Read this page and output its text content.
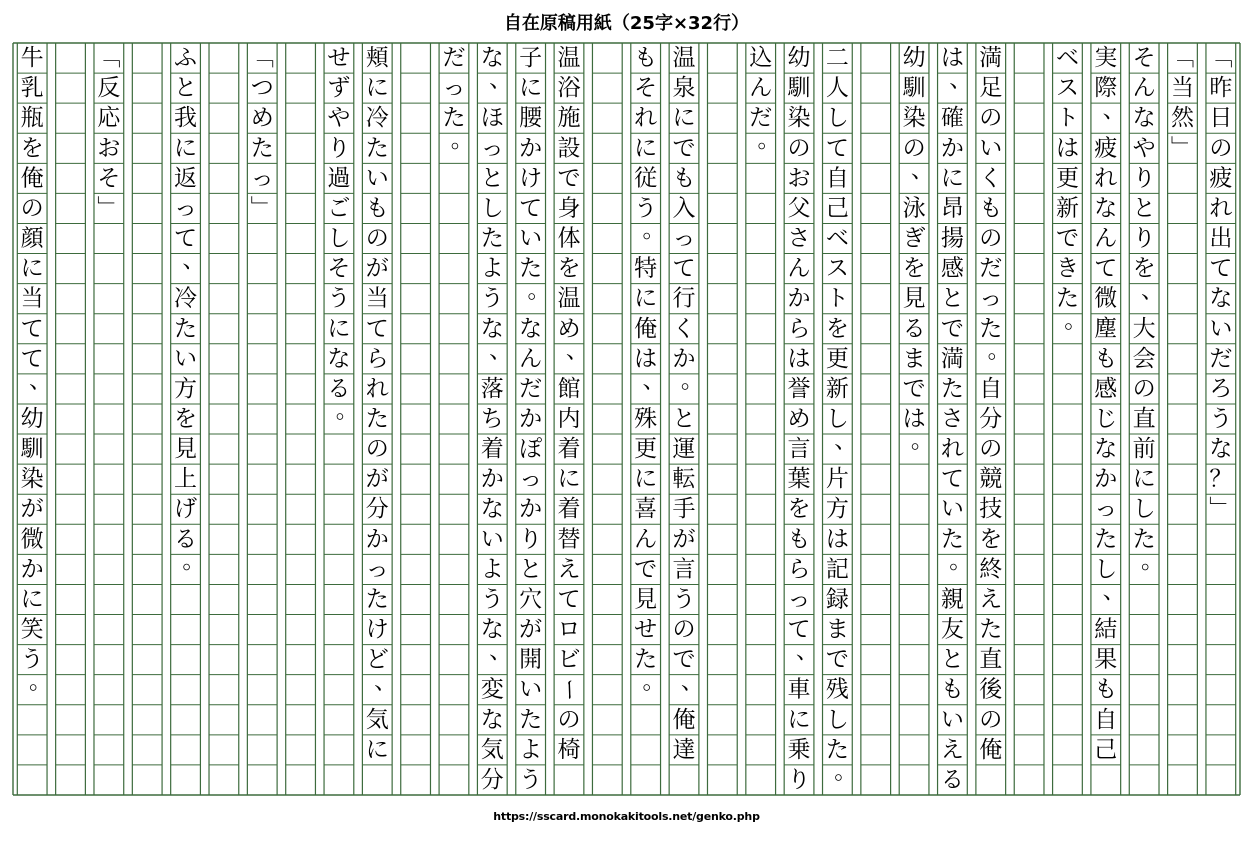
自在原稿用紙（25字×32行）
﹁
昨
日
の
疲
れ
出
て
な
い
だ
ろ
う
な
？
﹂
﹁
当
然
﹂
そ
ん
な
や
り
と
り
を
、
大
会
の
直
前
に
し
た
。
実
際
、
疲
れ
な
ん
て
微
塵
も
感
じ
な
か
っ
た
し
、
結
果
も
自
己
ベ
ス
ト
は
更
新
で
き
た
。
満
足
の
い
く
も
の
だ
っ
た
。
自
分
の
競
技
を
終
え
た
直
後
の
俺
は
、
確
か
に
昂
揚
感
と
で
満
た
さ
れ
て
い
た
。
親
友
と
も
い
え
る
幼
馴
染
の
、
泳
ぎ
を
見
る
ま
で
は
。
二
人
し
て
自
己
ベ
ス
ト
を
更
新
し
、
片
方
は
記
録
ま
で
残
し
た
。
幼
馴
染
の
お
父
さ
ん
か
ら
は
誉
め
言
葉
を
も
ら
っ
て
、
車
に
乗
り
込
ん
だ
。
温
泉
に
で
も
入
っ
て
行
く
か
。
と
運
転
手
が
言
う
の
で
、
俺
達
も
そ
れ
に
従
う
。
特
に
俺
は
、
殊
更
に
喜
ん
で
見
せ
た
。
温
浴
施
設
で
身
体
を
温
め
、
館
内
着
に
着
替
え
て
ロ
ビ
ー
の
椅
子
に
腰
か
け
て
い
た
。
な
ん
だ
か
ぽ
っ
か
り
と
穴
が
開
い
た
よ
う
な
、
ほ
っ
と
し
た
よ
う
な
、
落
ち
着
か
な
い
よ
う
な
、
変
な
気
分
だ
っ
た
。
頬
に
冷
た
い
も
の
が
当
て
ら
れ
た
の
が
分
か
っ
た
け
ど
、
気
に
せ
ず
や
り
過
ご
し
そ
う
に
な
る
。
﹁
つ
め
た
っ
﹂
ふ
と
我
に
返
っ
て
、
冷
た
い
方
を
見
上
げ
る
。
﹁
反
応
お
そ
﹂
牛
乳
瓶
を
俺
の
顔
に
当
て
て
、
幼
馴
染
が
微
か
に
笑
う
。

https://sscard.monokakitools.net/genko.php
